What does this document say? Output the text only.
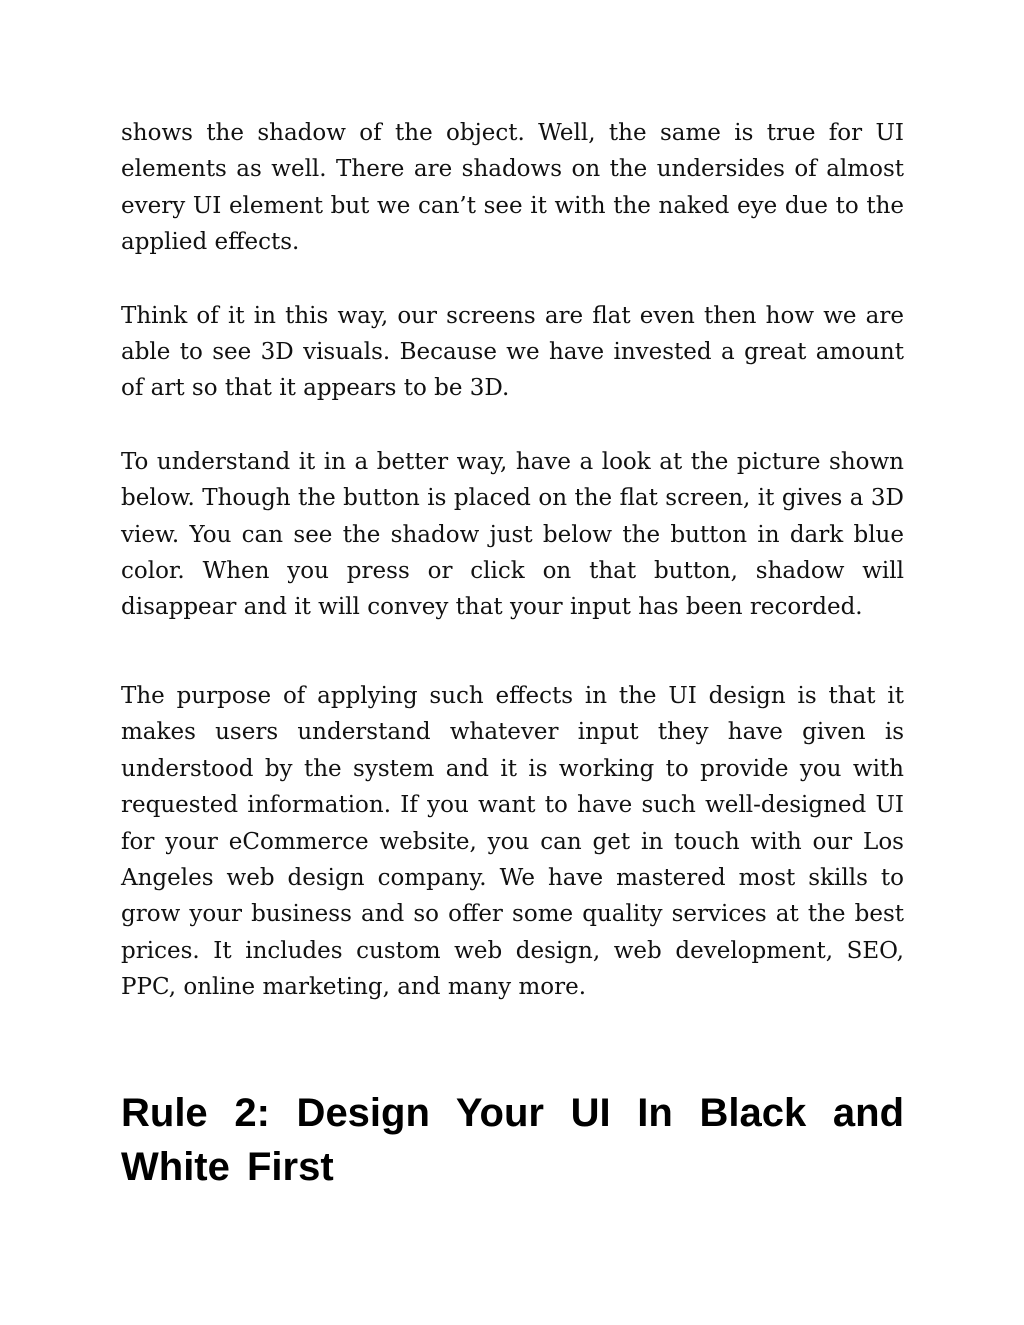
shows the shadow of the object. Well, the same is true for UI elements as well. There are shadows on the undersides of almost every UI element but we can’t see it with the naked eye due to the applied effects.

Think of it in this way, our screens are flat even then how we are able to see 3D visuals. Because we have invested a great amount of art so that it appears to be 3D.

To understand it in a better way, have a look at the picture shown below. Though the button is placed on the flat screen, it gives a 3D view. You can see the shadow just below the button in dark blue color. When you press or click on that button, shadow will disappear and it will convey that your input has been recorded.

The purpose of applying such effects in the UI design is that it makes users understand whatever input they have given is understood by the system and it is working to provide you with requested information. If you want to have such well-designed UI for your eCommerce website, you can get in touch with our Los Angeles web design company. We have mastered most skills to grow your business and so offer some quality services at the best prices. It includes custom web design, web development, SEO, PPC, online marketing, and many more.

Rule 2: Design Your UI In Black and White First
